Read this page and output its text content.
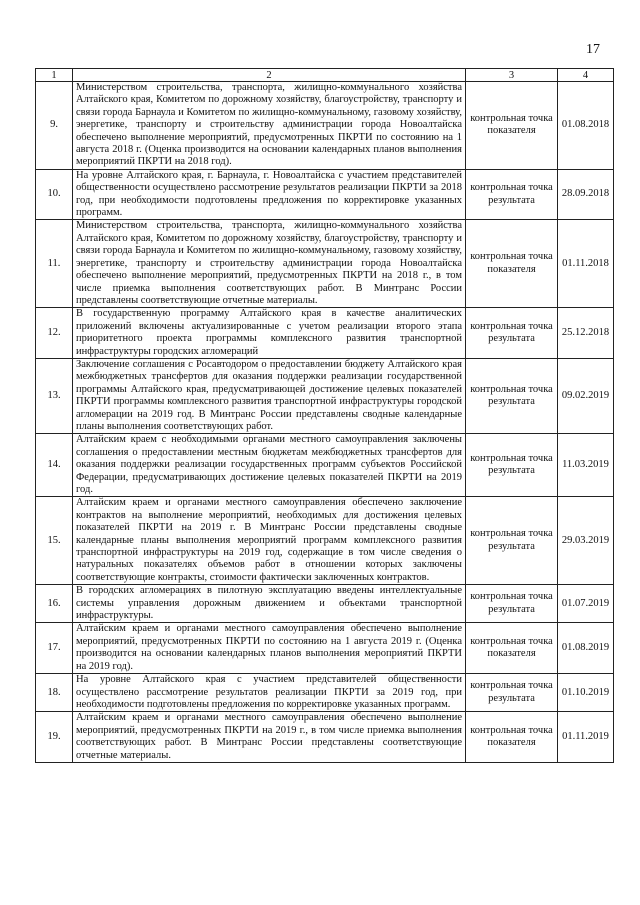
17
1	2	3	4
9.	Министерством строительства, транспорта, жилищно-коммунального хозяйства Алтайского края, Комитетом по дорожному хозяйству, благоустройству, транспорту и связи города Барнаула и Комитетом по жилищно-коммунальному, газовому хозяйству, энергетике, транспорту и строительству администрации города Новоалтайска обеспечено выполнение мероприятий, предусмотренных ПКРТИ по состоянию на 1 августа 2018 г. (Оценка производится на основании календарных планов выполнения мероприятий ПКРТИ на 2018 год).	контрольная точка показателя	01.08.2018
10.	На уровне Алтайского края, г. Барнаула, г. Новоалтайска с участием представителей общественности осуществлено рассмотрение результатов реализации ПКРТИ за 2018 год, при необходимости подготовлены предложения по корректировке указанных программ.	контрольная точка результата	28.09.2018
11.	Министерством строительства, транспорта, жилищно-коммунального хозяйства Алтайского края, Комитетом по дорожному хозяйству, благоустройству, транспорту и связи города Барнаула и Комитетом по жилищно-коммунальному, газовому хозяйству, энергетике, транспорту и строительству администрации города Новоалтайска обеспечено выполнение мероприятий, предусмотренных ПКРТИ на 2018 г., в том числе приемка выполнения соответствующих работ. В Минтранс России представлены соответствующие отчетные материалы.	контрольная точка показателя	01.11.2018
12.	В государственную программу Алтайского края в качестве аналитических приложений включены актуализированные с учетом реализации второго этапа приоритетного проекта программы комплексного развития транспортной инфраструктуры городских агломераций	контрольная точка результата	25.12.2018
13.	Заключение соглашения с Росавтодором о предоставлении бюджету Алтайского края межбюджетных трансфертов для оказания поддержки реализации государственной программы Алтайского края, предусматривающей достижение целевых показателей ПКРТИ программы комплексного развития транспортной инфраструктуры городской агломерации на 2019 год. В Минтранс России представлены сводные календарные планы выполнения соответствующих работ.	контрольная точка результата	09.02.2019
14.	Алтайским краем с необходимыми органами местного самоуправления заключены соглашения о предоставлении местным бюджетам межбюджетных трансфертов для оказания поддержки реализации государственных программ субъектов Российской Федерации, предусматривающих достижение целевых показателей ПКРТИ на 2019 год.	контрольная точка результата	11.03.2019
15.	Алтайским краем и органами местного самоуправления обеспечено заключение контрактов на выполнение мероприятий, необходимых для достижения целевых показателей ПКРТИ на 2019 г. В Минтранс России представлены сводные календарные планы выполнения мероприятий программ комплексного развития транспортной инфраструктуры на 2019 год, содержащие в том числе сведения о натуральных показателях объемов работ в отношении которых заключены соответствующие контракты, стоимости фактически заключенных контрактов.	контрольная точка результата	29.03.2019
16.	В городских агломерациях в пилотную эксплуатацию введены интеллектуальные системы управления дорожным движением и объектами транспортной инфраструктуры.	контрольная точка результата	01.07.2019
17.	Алтайским краем и органами местного самоуправления обеспечено выполнение мероприятий, предусмотренных ПКРТИ по состоянию на 1 августа 2019 г. (Оценка производится на основании календарных планов выполнения мероприятий ПКРТИ на 2019 год).	контрольная точка показателя	01.08.2019
18.	На уровне Алтайского края с участием представителей общественности осуществлено рассмотрение результатов реализации ПКРТИ за 2019 год, при необходимости подготовлены предложения по корректировке указанных программ.	контрольная точка результата	01.10.2019
19.	Алтайским краем и органами местного самоуправления обеспечено выполнение мероприятий, предусмотренных ПКРТИ на 2019 г., в том числе приемка выполнения соответствующих работ. В Минтранс России представлены соответствующие отчетные материалы.	контрольная точка показателя	01.11.2019
